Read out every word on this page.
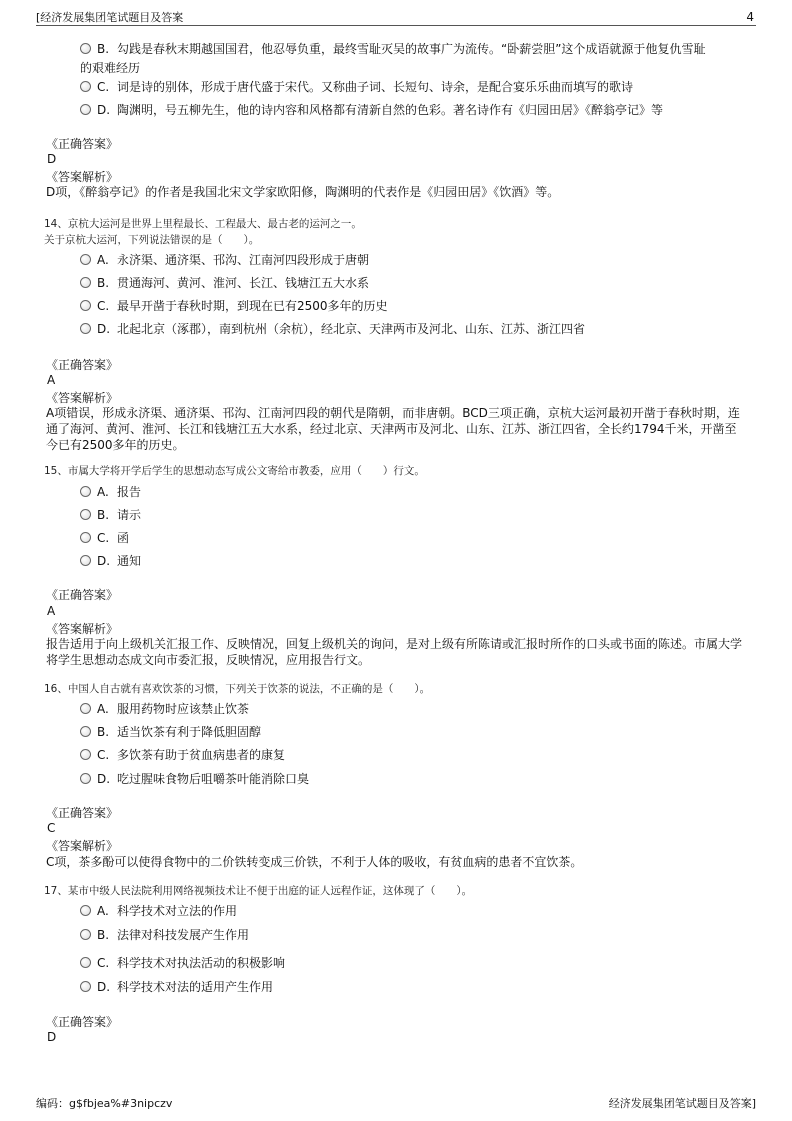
[经济发展集团笔试题目及答案	4
B. 勾践是春秋末期越国国君，他忍辱负重，最终雪耻灭吴的故事广为流传。“卧薪尝胆”这个成语就源于他复仇雪耻
的艰难经历
C. 词是诗的别体，形成于唐代盛于宋代。又称曲子词、长短句、诗余，是配合宴乐乐曲而填写的歌诗
D. 陶渊明，号五柳先生，他的诗内容和风格都有清新自然的色彩。著名诗作有《归园田居》《醉翁亭记》等
《正确答案》
D
《答案解析》
D项，《醉翁亭记》的作者是我国北宋文学家欧阳修，陶渊明的代表作是《归园田居》《饮酒》等。
14、京杭大运河是世界上里程最长、工程最大、最古老的运河之一。
关于京杭大运河，下列说法错误的是（　　）。
A. 永济渠、通济渠、邗沟、江南河四段形成于唐朝
B. 贯通海河、黄河、淮河、长江、钱塘江五大水系
C. 最早开凿于春秋时期，到现在已有2500多年的历史
D. 北起北京（涿郡），南到杭州（余杭），经北京、天津两市及河北、山东、江苏、浙江四省
《正确答案》
A
《答案解析》
A项错误，形成永济渠、通济渠、邗沟、江南河四段的朝代是隋朝，而非唐朝。BCD三项正确，京杭大运河最初开凿于春秋时期，连通了海河、黄河、淮河、长江和钱塘江五大水系，经过北京、天津两市及河北、山东、江苏、浙江四省，全长约1794千米，开凿至今已有2500多年的历史。
15、市属大学将开学后学生的思想动态写成公文寄给市教委，应用（　　）行文。
A. 报告
B. 请示
C. 函
D. 通知
《正确答案》
A
《答案解析》
报告适用于向上级机关汇报工作、反映情况，回复上级机关的询问，是对上级有所陈请或汇报时所作的口头或书面的陈述。市属大学将学生思想动态成文向市委汇报，反映情况，应用报告行文。
16、中国人自古就有喜欢饮茶的习惯，下列关于饮茶的说法，不正确的是（　　）。
A. 服用药物时应该禁止饮茶
B. 适当饮茶有利于降低胆固醇
C. 多饮茶有助于贫血病患者的康复
D. 吃过腥味食物后咀嚼茶叶能消除口臭
《正确答案》
C
《答案解析》
C项，茶多酚可以使得食物中的二价铁转变成三价铁，不利于人体的吸收，有贫血病的患者不宜饮茶。
17、某市中级人民法院利用网络视频技术让不便于出庭的证人远程作证，这体现了（　　）。
A. 科学技术对立法的作用
B. 法律对科技发展产生作用
C. 科学技术对执法活动的积极影响
D. 科学技术对法的适用产生作用
《正确答案》
D
编码：g$fbjea%#3nipczv	经济发展集团笔试题目及答案]
